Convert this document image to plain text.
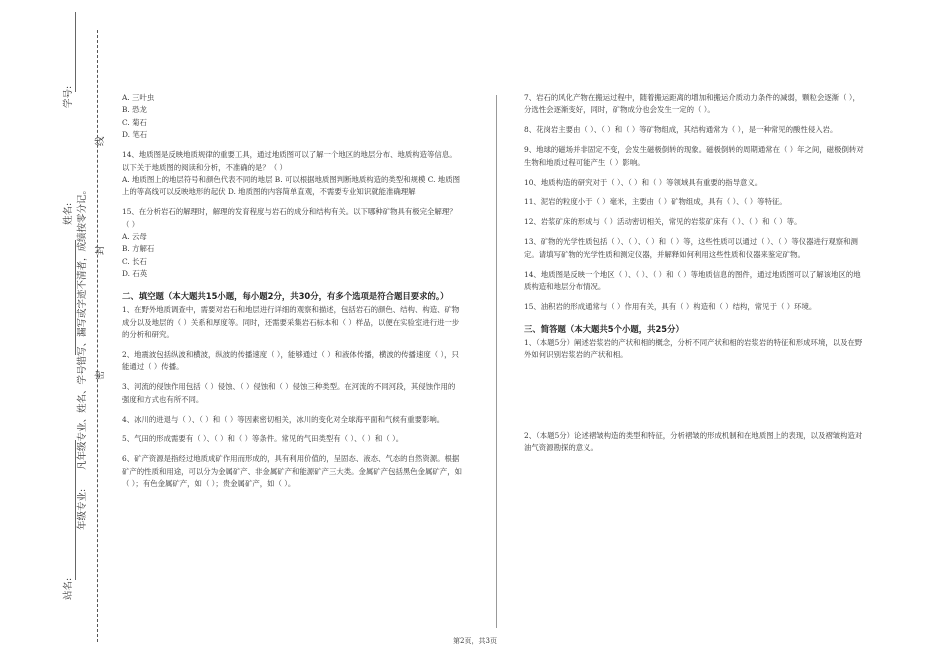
学号:
姓名: 凡年级专业、姓名、学号错写、漏写或字迹不清者，成绩按零分记。
年级专业:
线
封
密
站名:

A. 三叶虫

B. 恐龙

C. 菊石

D. 笔石

14、地质图是反映地质规律的重要工具，通过地质图可以了解一个地区的地层分布、地质构造等信息。以下关于地质图的阅读和分析，不准确的是？（ ）

A. 地质图上的地层符号和颜色代表不同的地层 B. 可以根据地质图判断地质构造的类型和规模 C. 地质图上的等高线可以反映地形的起伏 D. 地质图的内容简单直观，不需要专业知识就能准确理解

15、在分析岩石的解理时，解理的发育程度与岩石的成分和结构有关。以下哪种矿物具有极完全解理？（ ）

A. 云母

B. 方解石

C. 长石

D. 石英

二、填空题（本大题共15小题，每小题2分，共30分，有多个选项是符合题目要求的。）

1、在野外地质调查中，需要对岩石和地层进行详细的观察和描述，包括岩石的颜色、结构、构造、矿物成分以及地层的（ ）关系和厚度等。同时，还需要采集岩石标本和（ ）样品，以便在实验室进行进一步的分析和研究。

2、地震波包括纵波和横波，纵波的传播速度（ ），能够通过（ ）和液体传播，横波的传播速度（ ），只能通过（ ）传播。

3、河流的侵蚀作用包括（ ）侵蚀、（ ）侵蚀和（ ）侵蚀三种类型。在河流的不同河段，其侵蚀作用的强度和方式也有所不同。

4、冰川的进退与（ ）、（ ）和（ ）等因素密切相关，冰川的变化对全球海平面和气候有重要影响。

5、气田的形成需要有（ ）、（ ）和（ ）等条件。常见的气田类型有（ ）、（ ）和（ ）。

6、矿产资源是指经过地质成矿作用而形成的，具有利用价值的，呈固态、液态、气态的自然资源。根据矿产的性质和用途，可以分为金属矿产、非金属矿产和能源矿产三大类。金属矿产包括黑色金属矿产，如（ ）；有色金属矿产，如（ ）；贵金属矿产，如（ ）。

7、岩石的风化产物在搬运过程中，随着搬运距离的增加和搬运介质动力条件的减弱，颗粒会逐渐（ ），分选性会逐渐变好，同时，矿物成分也会发生一定的（ ）。

8、花岗岩主要由（ ）、（ ）和（ ）等矿物组成，其结构通常为（ ），是一种常见的酸性侵入岩。

9、地球的磁场并非固定不变，会发生磁极倒转的现象。磁极倒转的周期通常在（ ）年之间，磁极倒转对生物和地质过程可能产生（ ）影响。

10、地质构造的研究对于（ ）、（ ）和（ ）等领域具有重要的指导意义。

11、泥岩的粒度小于（ ）毫米，主要由（ ）矿物组成，具有（ ）、（ ）等特征。

12、岩浆矿床的形成与（ ）活动密切相关，常见的岩浆矿床有（ ）、（ ）和（ ）等。

13、矿物的光学性质包括（ ）、（ ）、（ ）和（ ）等，这些性质可以通过（ ）、（ ）等仪器进行观察和测定。请填写矿物的光学性质和测定仪器，并解释如何利用这些性质和仪器来鉴定矿物。

14、地质图是反映一个地区（ ）、（ ）、（ ）和（ ）等地质信息的图件，通过地质图可以了解该地区的地质构造和地层分布情况。

15、油积岩的形成通常与（ ）作用有关，具有（ ）构造和（ ）结构，常见于（ ）环境。

三、简答题（本大题共5个小题，共25分）

1、（本题5分）阐述岩浆岩的产状和相的概念，分析不同产状和相的岩浆岩的特征和形成环境，以及在野外如何识别岩浆岩的产状和相。

2、（本题5分）论述褶皱构造的类型和特征，分析褶皱的形成机制和在地质图上的表现，以及褶皱构造对油气资源勘探的意义。

第2页，共3页
